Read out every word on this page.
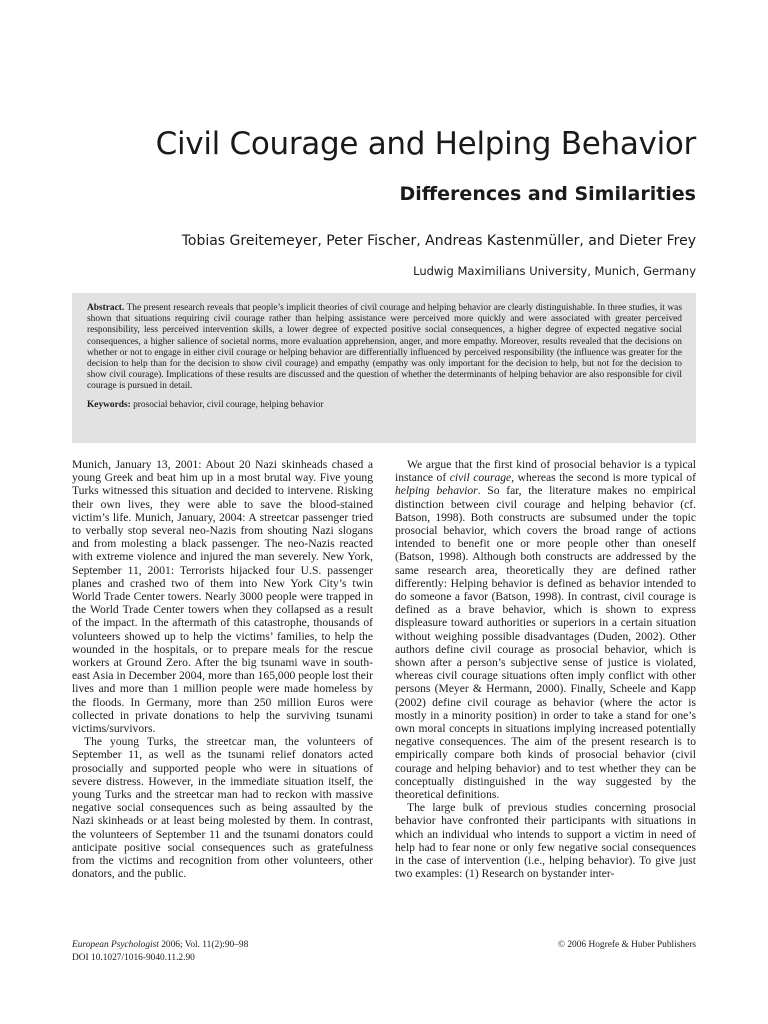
Civil Courage and Helping Behavior
Differences and Similarities
Tobias Greitemeyer, Peter Fischer, Andreas Kastenmüller, and Dieter Frey
Ludwig Maximilians University, Munich, Germany

Abstract. The present research reveals that people’s implicit theories of civil courage and helping behavior are clearly distinguishable. In three studies, it was shown that situations requiring civil courage rather than helping assistance were perceived more quickly and were associated with greater perceived responsibility, less perceived intervention skills, a lower degree of expected positive social consequences, a higher degree of expected negative social consequences, a higher salience of societal norms, more evaluation apprehension, anger, and more empathy. Moreover, results revealed that the decisions on whether or not to engage in either civil courage or helping behavior are differentially influenced by perceived responsibility (the influence was greater for the decision to help than for the decision to show civil courage) and empathy (empathy was only important for the decision to help, but not for the decision to show civil courage). Implications of these results are discussed and the question of whether the determinants of helping behavior are also responsible for civil courage is pursued in detail.

Keywords: prosocial behavior, civil courage, helping behavior

Munich, January 13, 2001: About 20 Nazi skinheads chased a young Greek and beat him up in a most brutal way. Five young Turks witnessed this situation and decided to intervene. Risking their own lives, they were able to save the blood-stained victim’s life. Munich, January, 2004: A streetcar passenger tried to verbally stop several neo-Nazis from shouting Nazi slogans and from molesting a black passenger. The neo-Nazis reacted with extreme violence and injured the man severely. New York, September 11, 2001: Terrorists hijacked four U.S. passenger planes and crashed two of them into New York City’s twin World Trade Center towers. Nearly 3000 people were trapped in the World Trade Center towers when they collapsed as a result of the impact. In the aftermath of this catastrophe, thousands of volunteers showed up to help the victims’ families, to help the wounded in the hospitals, or to prepare meals for the rescue workers at Ground Zero. After the big tsunami wave in south-east Asia in December 2004, more than 165,000 people lost their lives and more than 1 million people were made homeless by the floods. In Germany, more than 250 million Euros were collected in private donations to help the surviving tsunami victims/survivors.

The young Turks, the streetcar man, the volunteers of September 11, as well as the tsunami relief donators acted prosocially and supported people who were in situations of severe distress. However, in the immediate situation itself, the young Turks and the streetcar man had to reckon with massive negative social consequences such as being assaulted by the Nazi skinheads or at least being molested by them. In contrast, the volunteers of September 11 and the tsunami donators could anticipate positive social consequences such as gratefulness from the victims and recognition from other volunteers, other donators, and the public.

We argue that the first kind of prosocial behavior is a typical instance of civil courage, whereas the second is more typical of helping behavior. So far, the literature makes no empirical distinction between civil courage and helping behavior (cf. Batson, 1998). Both constructs are subsumed under the topic prosocial behavior, which covers the broad range of actions intended to benefit one or more people other than oneself (Batson, 1998). Although both constructs are addressed by the same research area, theoretically they are defined rather differently: Helping behavior is defined as behavior intended to do someone a favor (Batson, 1998). In contrast, civil courage is defined as a brave behavior, which is shown to express displeasure toward authorities or superiors in a certain situation without weighing possible disadvantages (Duden, 2002). Other authors define civil courage as prosocial behavior, which is shown after a person’s subjective sense of justice is violated, whereas civil courage situations often imply conflict with other persons (Meyer & Hermann, 2000). Finally, Scheele and Kapp (2002) define civil courage as behavior (where the actor is mostly in a minority position) in order to take a stand for one’s own moral concepts in situations implying increased potentially negative consequences. The aim of the present research is to empirically compare both kinds of prosocial behavior (civil courage and helping behavior) and to test whether they can be conceptually distinguished in the way suggested by the theoretical definitions.

The large bulk of previous studies concerning prosocial behavior have confronted their participants with situations in which an individual who intends to support a victim in need of help had to fear none or only few negative social consequences in the case of intervention (i.e., helping behavior). To give just two examples: (1) Research on bystander inter-

European Psychologist 2006; Vol. 11(2):90–98
DOI 10.1027/1016-9040.11.2.90
© 2006 Hogrefe & Huber Publishers
